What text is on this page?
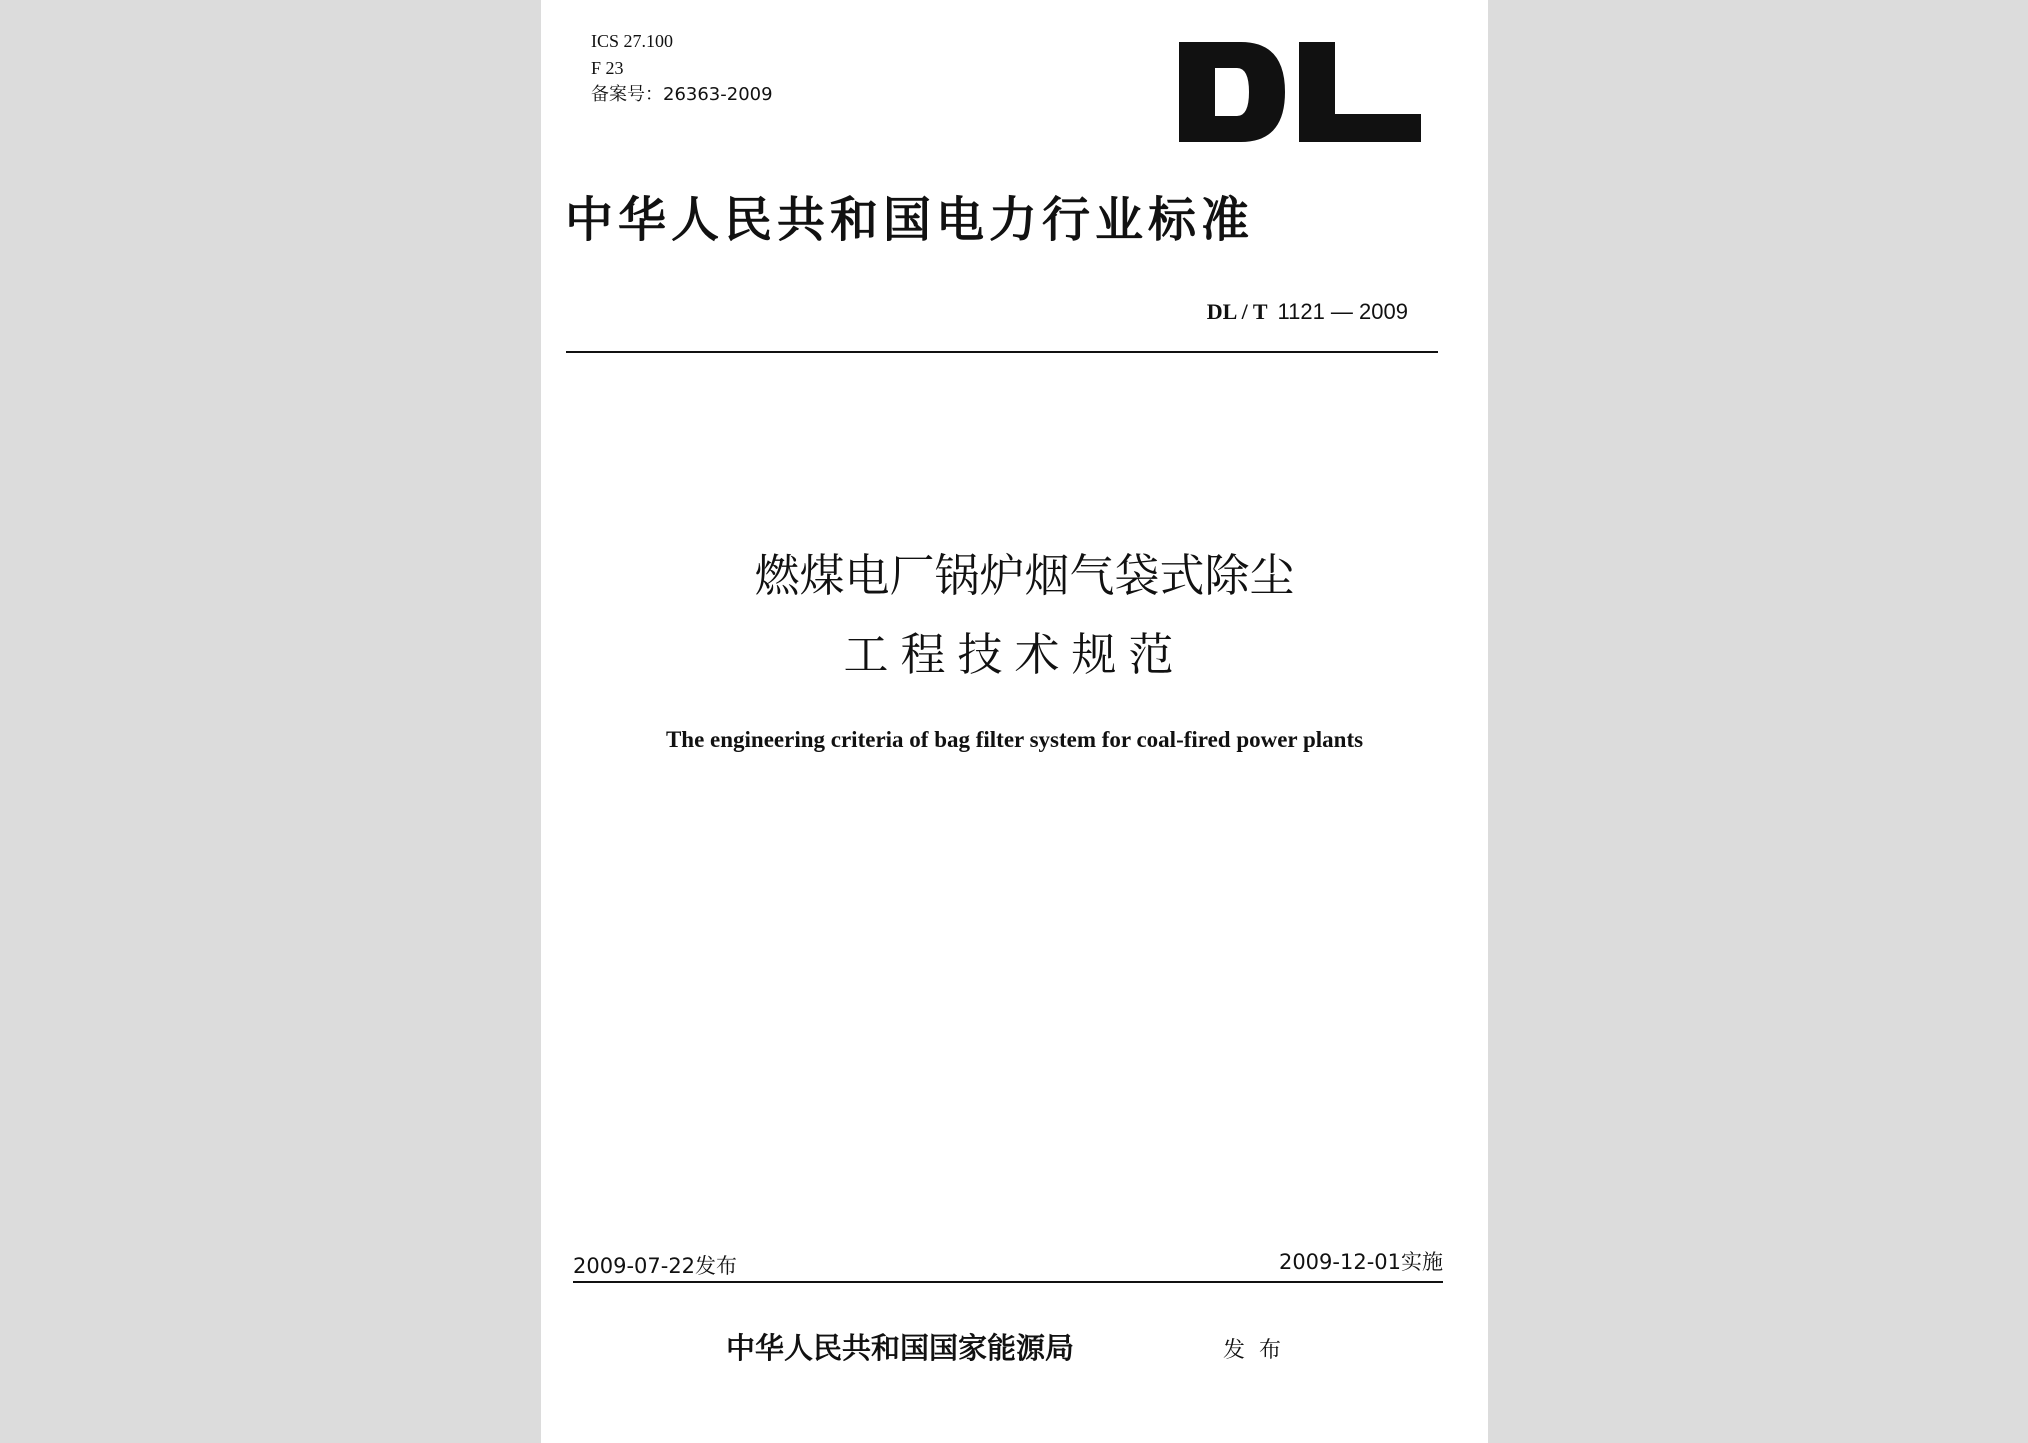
ICS 27.100
F 23
备案号：26363-2009
中华人民共和国电力行业标准
DL / T 1121 — 2009
燃煤电厂锅炉烟气袋式除尘
工程技术规范
The engineering criteria of bag filter system for coal-fired power plants
2009-07-22发布	2009-12-01实施
中华人民共和国国家能源局	发布
